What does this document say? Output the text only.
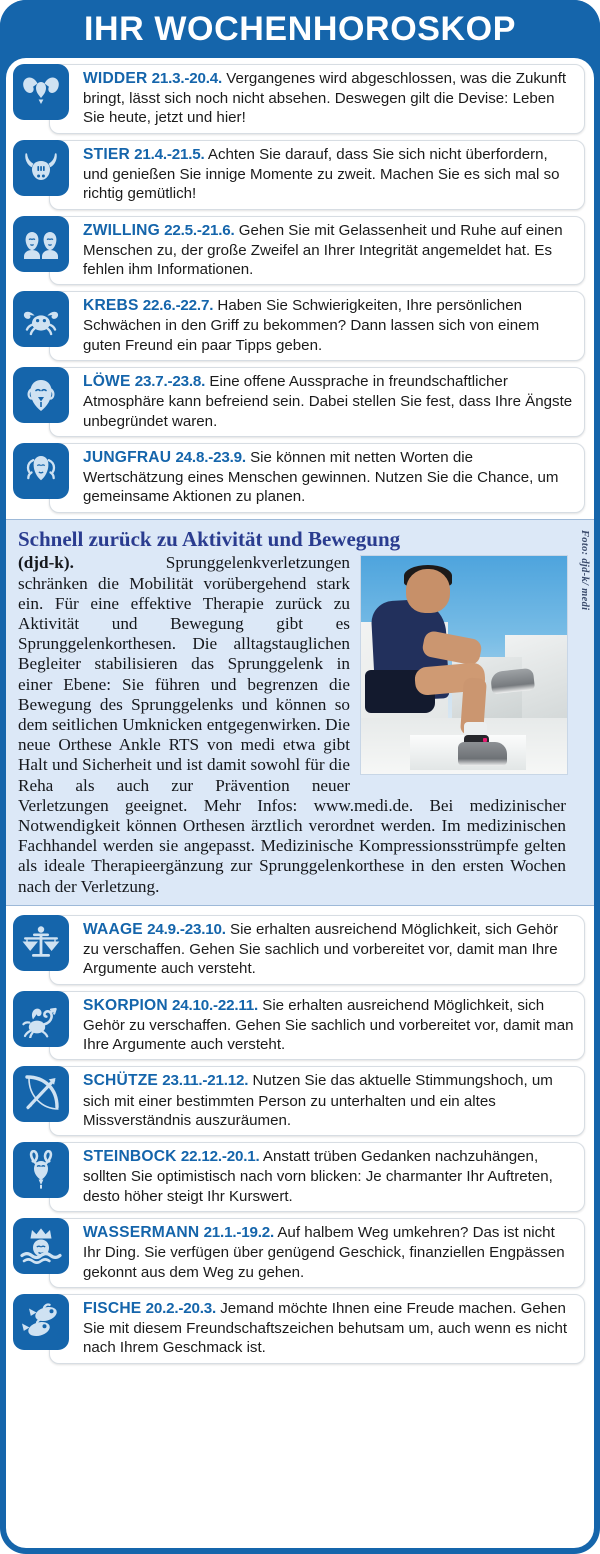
IHR WOCHENHOROSKOP
WIDDER 21.3.-20.4. Vergangenes wird abgeschlossen, was die Zukunft bringt, lässt sich noch nicht absehen. Deswegen gilt die Devise: Leben Sie heute, jetzt und hier!
STIER 21.4.-21.5. Achten Sie darauf, dass Sie sich nicht überfordern, und genießen Sie innige Momente zu zweit. Machen Sie es sich mal so richtig gemütlich!
ZWILLING 22.5.-21.6. Gehen Sie mit Gelassenheit und Ruhe auf einen Menschen zu, der große Zweifel an Ihrer Integrität angemeldet hat. Es fehlen ihm Informationen.
KREBS 22.6.-22.7. Haben Sie Schwierigkeiten, Ihre persönlichen Schwächen in den Griff zu bekommen? Dann lassen sich von einem guten Freund ein paar Tipps geben.
LÖWE 23.7.-23.8. Eine offene Aussprache in freundschaftlicher Atmosphäre kann befreiend sein. Dabei stellen Sie fest, dass Ihre Ängste unbegründet waren.
JUNGFRAU 24.8.-23.9. Sie können mit netten Worten die Wertschätzung eines Menschen gewinnen. Nutzen Sie die Chance, um gemeinsame Aktionen zu planen.
Foto: djd-k/ medi
Schnell zurück zu Aktivität und Bewegung
(djd-k).	Sprunggelenkverletzungen schränken die Mobilität vorübergehend stark ein. Für eine effektive Therapie zurück zu Aktivität und Bewegung gibt es Sprunggelenkorthesen. Die alltagstauglichen Begleiter stabilisieren das Sprunggelenk in einer Ebene: Sie führen und begrenzen die Bewegung des Sprunggelenks und können so dem seitlichen Umknicken entgegenwirken. Die neue Orthese Ankle RTS von medi etwa gibt Halt und Sicherheit und ist damit sowohl für die Reha als auch zur Prävention neuer Verletzungen geeignet. Mehr Infos: www.medi.de. Bei medizinischer Notwendigkeit können Orthesen ärztlich verordnet werden. Im medizinischen Fachhandel werden sie angepasst. Medizinische Kompressionsstrümpfe gelten als ideale Therapieergänzung zur Sprunggelenkorthese in den ersten Wochen nach der Verletzung.
WAAGE 24.9.-23.10. Sie erhalten ausreichend Möglichkeit, sich Gehör zu verschaffen. Gehen Sie sachlich und vorbereitet vor, damit man Ihre Argumente auch versteht.
SKORPION 24.10.-22.11. Sie erhalten ausreichend Möglichkeit, sich Gehör zu verschaffen. Gehen Sie sachlich und vorbereitet vor, damit man Ihre Argumente auch versteht.
SCHÜTZE 23.11.-21.12. Nutzen Sie das aktuelle Stimmungshoch, um sich mit einer bestimmten Person zu unterhalten und ein altes Missverständnis auszuräumen.
STEINBOCK 22.12.-20.1. Anstatt trüben Gedanken nachzuhängen, sollten Sie optimistisch nach vorn blicken: Je charmanter Ihr Auftreten, desto höher steigt Ihr Kurswert.
WASSERMANN 21.1.-19.2. Auf halbem Weg umkehren? Das ist nicht Ihr Ding. Sie verfügen über genügend Geschick, finanziellen Engpässen gekonnt aus dem Weg zu gehen.
FISCHE 20.2.-20.3. Jemand möchte Ihnen eine Freude machen. Gehen Sie mit diesem Freundschaftszeichen behutsam um, auch wenn es nicht nach Ihrem Geschmack ist.
